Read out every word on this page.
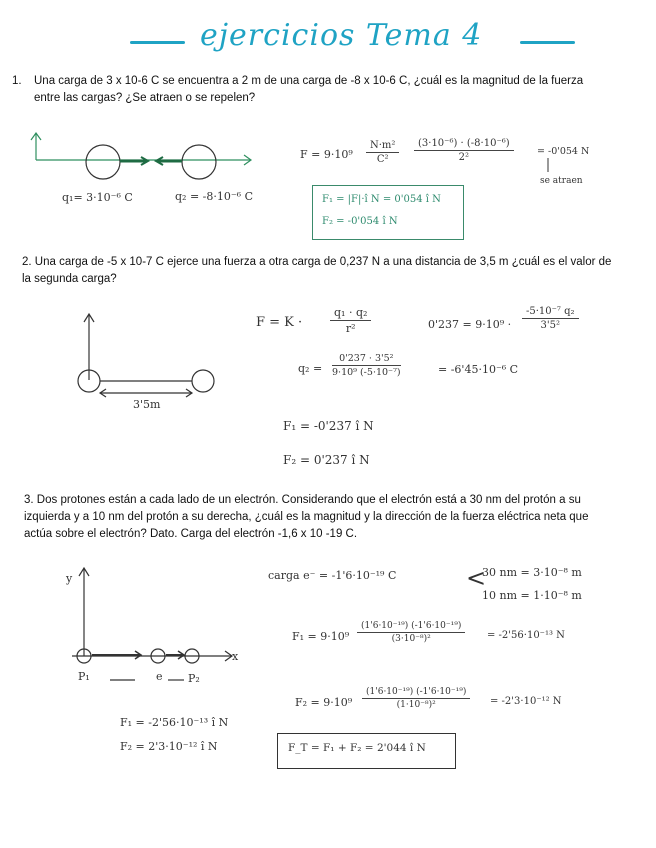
ejercicios Tema 4
1. Una carga de 3 x 10-6 C se encuentra a 2 m de una carga de -8 x 10-6 C, ¿cuál es la magnitud de la fuerza entre las cargas? ¿Se atraen o se repelen?
q₁= 3·10⁻⁶ C	q₂ = -8·10⁻⁶ C
$F = 9\cdot 10^9 \frac{\text{N·m²}}{\text{C²}} \frac{\text{(3·10⁻⁶) · (-8·10⁻⁶)}}{\text{2²}} = -0'054$ N
se atraen
F₁ = |F|·î N = 0'054 î N
F₂ = -0'054 î N
2. Una carga de -5 x 10-7 C ejerce una fuerza a otra carga de 0,237 N a una distancia de 3,5 m ¿cuál es el valor de la segunda carga?
F = K ·	$\frac{\text{q₁ · q₂}}{\text{r²}}$	$0'237 = 9\cdot 10^9 \cdot \frac{\text{-5·10⁻⁷ q₂}}{\text{3'5²}}$
$q_2 = \frac{\text{0'237 · 3'5²}}{\text{9·10⁹ (-5·10⁻⁷)}}$	= -6'45·10⁻⁶ C
3'5m
F₁ = -0'237 î N
F₂ = 0'237 î N
3. Dos protones están a cada lado de un electrón. Considerando que el electrón está a 30 nm del protón a su izquierda y a 10 nm del protón a su derecha, ¿cuál es la magnitud y la dirección de la fuerza eléctrica neta que actúa sobre el electrón? Dato. Carga del electrón -1,6 x 10 -19 C.
y
x
P₁	e P₂
carga e⁻ = -1'6·10⁻¹⁹ C	<
30 nm = 3·10⁻⁸ m
10 nm = 1·10⁻⁸ m
$F_1 = 9\cdot 10^9 \frac{\text{(1'6·10⁻¹⁹) (-1'6·10⁻¹⁹)}}{\text{(3·10⁻⁸)²}} = -2'56\cdot 10^{-13}$ N
$F_2 = 9\cdot 10^9 \frac{\text{(1'6·10⁻¹⁹) (-1'6·10⁻¹⁹)}}{\text{(1·10⁻⁸)²}} = -2'3\cdot 10^{-12}$ N
F₁ = -2'56·10⁻¹³ î N
F₂ = 2'3·10⁻¹² î N	F_T = F₁ + F₂ = 2'044 î N
